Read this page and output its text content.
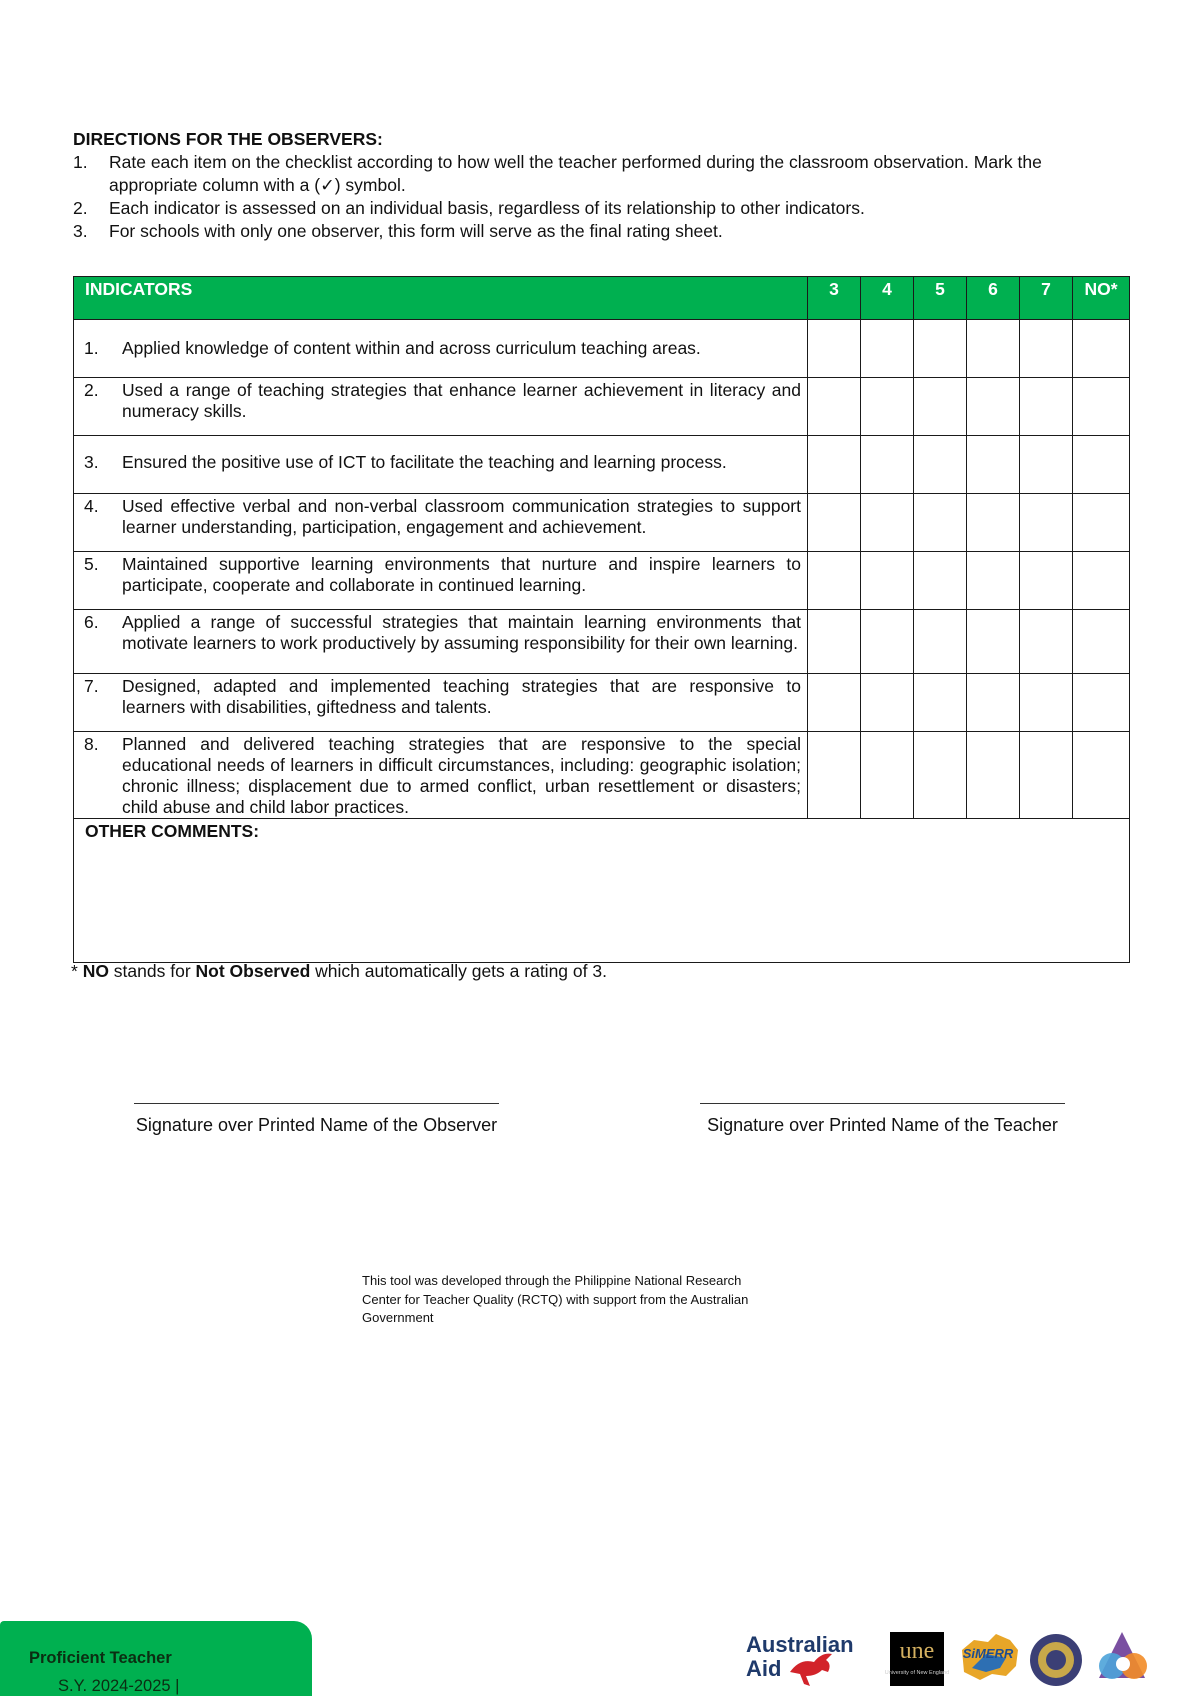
DIRECTIONS FOR THE OBSERVERS:
1. Rate each item on the checklist according to how well the teacher performed during the classroom observation. Mark the appropriate column with a (✓) symbol.
2. Each indicator is assessed on an individual basis, regardless of its relationship to other indicators.
3. For schools with only one observer, this form will serve as the final rating sheet.
INDICATORS	3	4	5	6	7	NO*

1. Applied knowledge of content within and across curriculum teaching areas.						

2. Used a range of teaching strategies that enhance learner achievement in literacy and numeracy skills.						

3. Ensured the positive use of ICT to facilitate the teaching and learning process.						

4. Used effective verbal and non-verbal classroom communication strategies to support learner understanding, participation, engagement and achievement.						

5. Maintained supportive learning environments that nurture and inspire learners to participate, cooperate and collaborate in continued learning.						

6. Applied a range of successful strategies that maintain learning environments that motivate learners to work productively by assuming responsibility for their own learning.						

7. Designed, adapted and implemented teaching strategies that are responsive to learners with disabilities, giftedness and talents.						

8. Planned and delivered teaching strategies that are responsive to the special educational needs of learners in difficult circumstances, including: geographic isolation; chronic illness; displacement due to armed conflict, urban resettlement or disasters; child abuse and child labor practices.						

OTHER COMMENTS:						
* NO stands for Not Observed which automatically gets a rating of 3.
Signature over Printed Name of the Observer	Signature over Printed Name of the Teacher
This tool was developed through the Philippine National Research Center for Teacher Quality (RCTQ) with support from the Australian Government
S.Y. 2024-2025 |
Proficient Teacher
Australian
Aid
une
University of New England
SiMERR
